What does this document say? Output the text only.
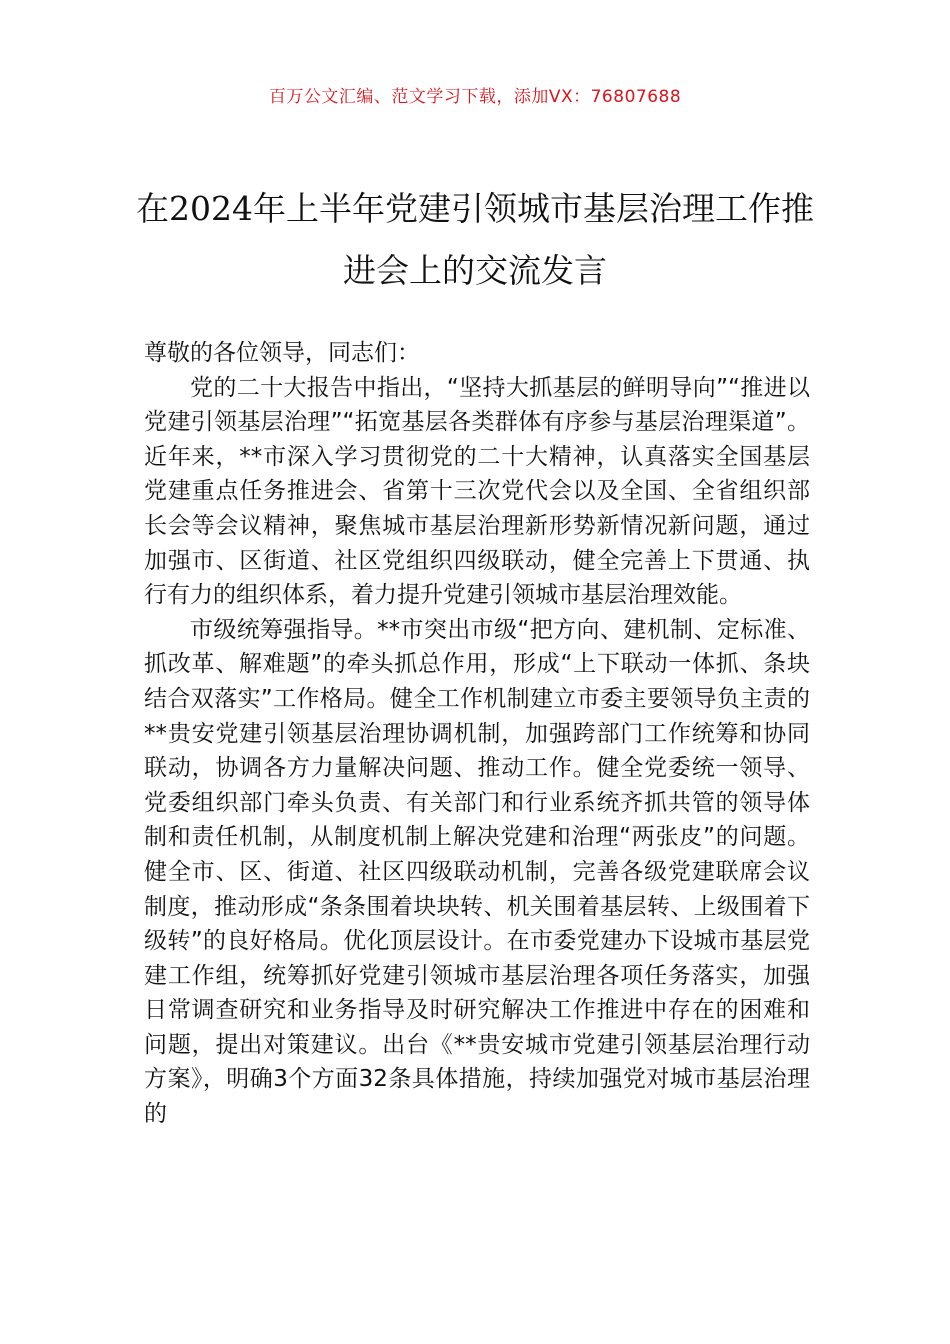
百万公文汇编、范文学习下载，添加VX：76807688
在2024年上半年党建引领城市基层治理工作推进会上的交流发言

尊敬的各位领导，同志们：

党的二十大报告中指出，“坚持大抓基层的鲜明导向”“推进以党建引领基层治理”“拓宽基层各类群体有序参与基层治理渠道”。近年来，**市深入学习贯彻党的二十大精神，认真落实全国基层党建重点任务推进会、省第十三次党代会以及全国、全省组织部长会等会议精神，聚焦城市基层治理新形势新情况新问题，通过加强市、区街道、社区党组织四级联动，健全完善上下贯通、执行有力的组织体系，着力提升党建引领城市基层治理效能。

市级统筹强指导。**市突出市级“把方向、建机制、定标准、抓改革、解难题”的牵头抓总作用，形成“上下联动一体抓、条块结合双落实”工作格局。健全工作机制建立市委主要领导负主责的**贵安党建引领基层治理协调机制，加强跨部门工作统筹和协同联动，协调各方力量解决问题、推动工作。健全党委统一领导、党委组织部门牵头负责、有关部门和行业系统齐抓共管的领导体制和责任机制，从制度机制上解决党建和治理“两张皮”的问题。健全市、区、街道、社区四级联动机制，完善各级党建联席会议制度，推动形成“条条围着块块转、机关围着基层转、上级围着下级转”的良好格局。优化顶层设计。在市委党建办下设城市基层党建工作组，统筹抓好党建引领城市基层治理各项任务落实，加强日常调查研究和业务指导及时研究解决工作推进中存在的困难和问题，提出对策建议。出台《**贵安城市党建引领基层治理行动方案》，明确3个方面32条具体措施，持续加强党对城市基层治理的
